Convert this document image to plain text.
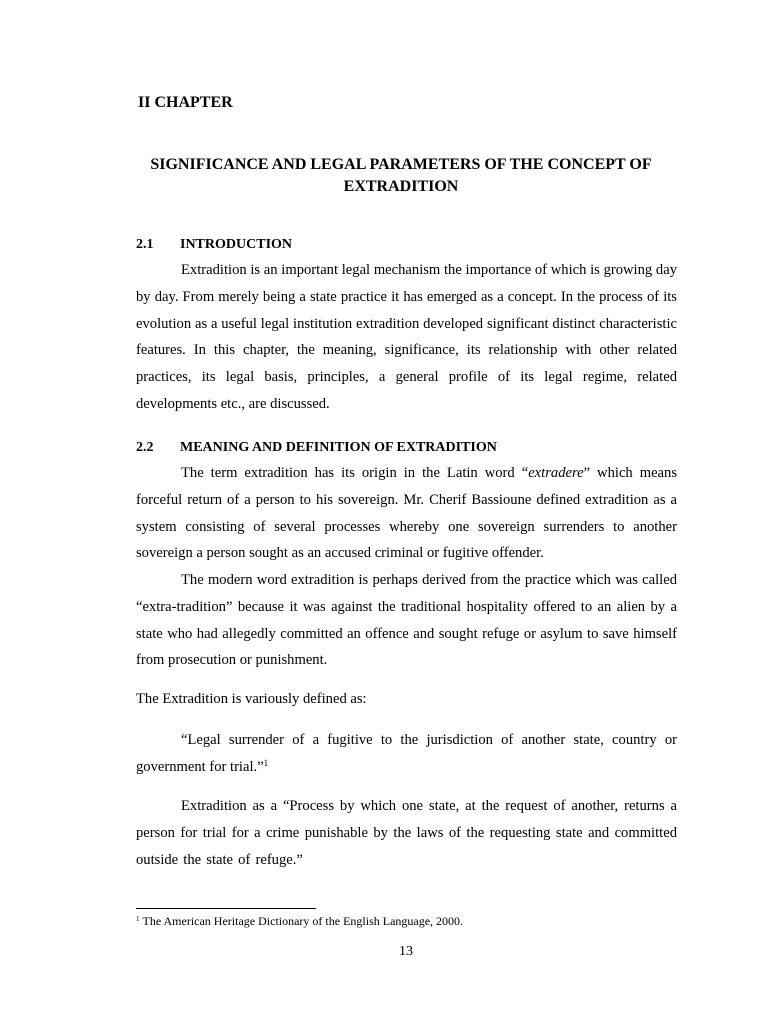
II CHAPTER
SIGNIFICANCE AND LEGAL PARAMETERS OF THE CONCEPT OF EXTRADITION
2.1 INTRODUCTION
Extradition is an important legal mechanism the importance of which is growing day by day. From merely being a state practice it has emerged as a concept. In the process of its evolution as a useful legal institution extradition developed significant distinct characteristic features. In this chapter, the meaning, significance, its relationship with other related practices, its legal basis, principles, a general profile of its legal regime, related developments etc., are discussed.
2.2 MEANING AND DEFINITION OF EXTRADITION
The term extradition has its origin in the Latin word “extradere” which means forceful return of a person to his sovereign. Mr. Cherif Bassioune defined extradition as a system consisting of several processes whereby one sovereign surrenders to another sovereign a person sought as an accused criminal or fugitive offender.
The modern word extradition is perhaps derived from the practice which was called “extra-tradition” because it was against the traditional hospitality offered to an alien by a state who had allegedly committed an offence and sought refuge or asylum to save himself from prosecution or punishment.
The Extradition is variously defined as:
“Legal surrender of a fugitive to the jurisdiction of another state, country or government for trial.”$^1$
Extradition as a “Process by which one state, at the request of another, returns a person for trial for a crime punishable by the laws of the requesting state and committed outside the state of refuge.”
$^1$ The American Heritage Dictionary of the English Language, 2000.
13
